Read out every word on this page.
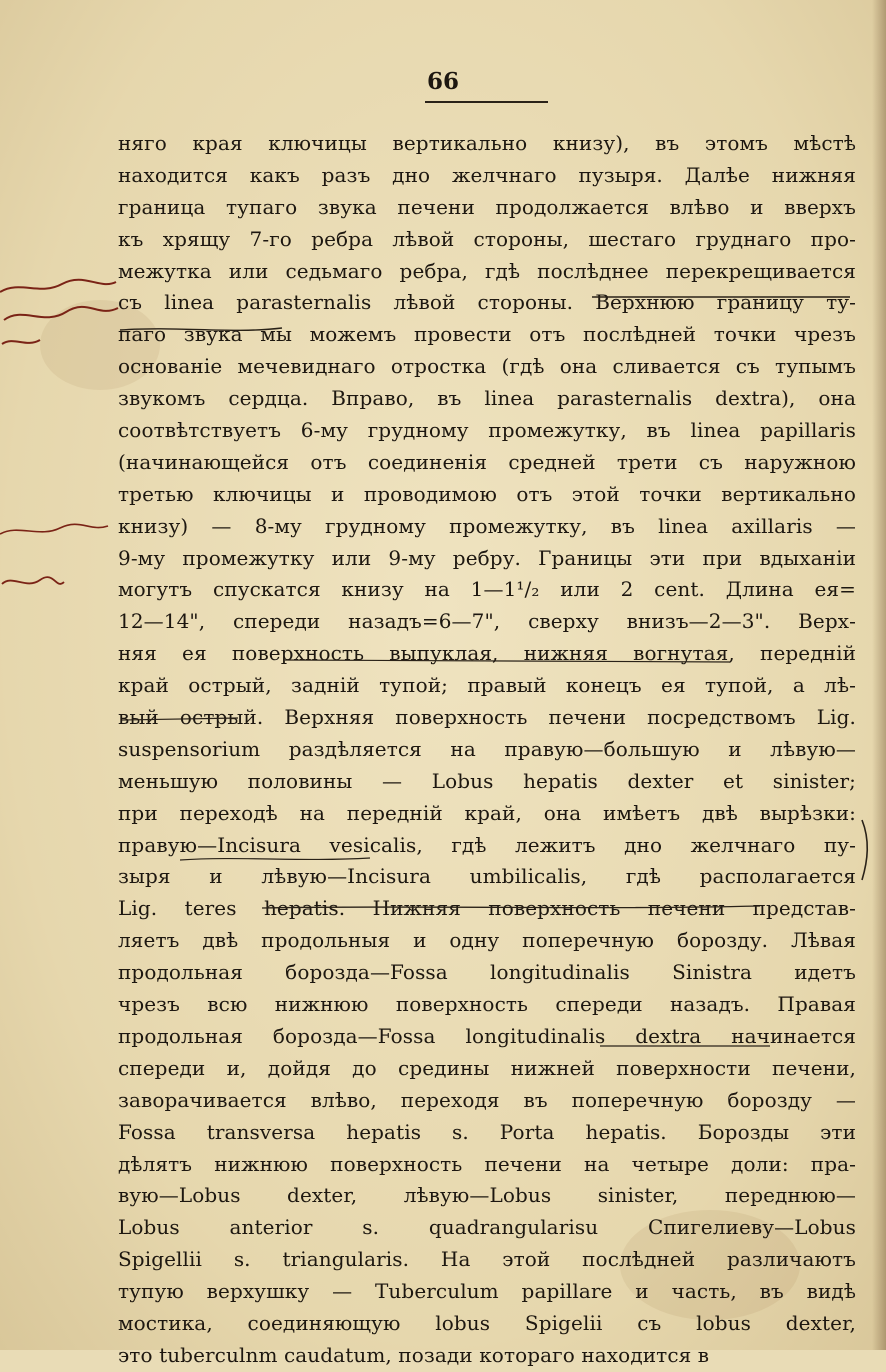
66
няго края ключицы вертикально книзу), въ этомъ мѣстѣ
находится какъ разъ дно желчнаго пузыря. Далѣе нижняя
граница тупаго звука печени продолжается влѣво и вверхъ
къ хрящу 7-го ребра лѣвой стороны, шестаго груднаго про-
межутка или седьмаго ребра, гдѣ послѣднее перекрещивается
съ linea parasternalis лѣвой стороны. Верхнюю границу ту-
паго звука мы можемъ провести отъ послѣдней точки чрезъ
основаніе мечевиднаго отростка (гдѣ она сливается съ тупымъ
звукомъ сердца. Вправо, въ linea parasternalis dextra), она
соотвѣтствуетъ 6-му грудному промежутку, въ linea papillaris
(начинающейся отъ соединенія средней трети съ наружною
третью ключицы и проводимою отъ этой точки вертикально
книзу) — 8-му грудному промежутку, въ linea axillaris —
9-му промежутку или 9-му ребру. Границы эти при вдыханіи
могутъ спускатся книзу на 1—1¹/₂ или 2 cent. Длина ея=
12—14", спереди назадъ=6—7", сверху внизъ—2—3". Верх-
няя ея поверхность выпуклая, нижняя вогнутая, передній
край острый, задній тупой; правый конецъ ея тупой, а лѣ-
вый острый. Верхняя поверхность печени посредствомъ Lig.
suspensorium раздѣляется на правую—большую и лѣвую—
меньшую половины — Lobus hepatis dexter et sinister;
при переходѣ на передній край, она имѣетъ двѣ вырѣзки:
правую—Incisura vesicalis, гдѣ лежитъ дно желчнаго пу-
зыря и лѣвую—Incisura umbilicalis, гдѣ располагается
Lig. teres hepatis. Нижняя поверхность печени представ-
ляетъ двѣ продольныя и одну поперечную борозду. Лѣвая
продольная борозда—Fossa longitudinalis Sinistra идетъ
чрезъ всю нижнюю поверхность спереди назадъ. Правая
продольная борозда—Fossa longitudinalis dextra начинается
спереди и, дойдя до средины нижней поверхности печени,
заворачивается влѣво, переходя въ поперечную борозду —
Fossa transversa hepatis s. Porta hepatis. Борозды эти
дѣлятъ нижнюю поверхность печени на четыре доли: пра-
вую—Lobus dexter, лѣвую—Lobus sinister, переднюю—
Lobus anterior s. quadrangularisu Спигелиеву—Lobus
Spigellii s. triangularis. На этой послѣдней различаютъ
тупую верхушку — Tuberculum papillare и часть, въ видѣ
мостика, соединяющую lobus Spigelii съ lobus dexter,
это tuberculnm caudatum, позади котораго находится в
